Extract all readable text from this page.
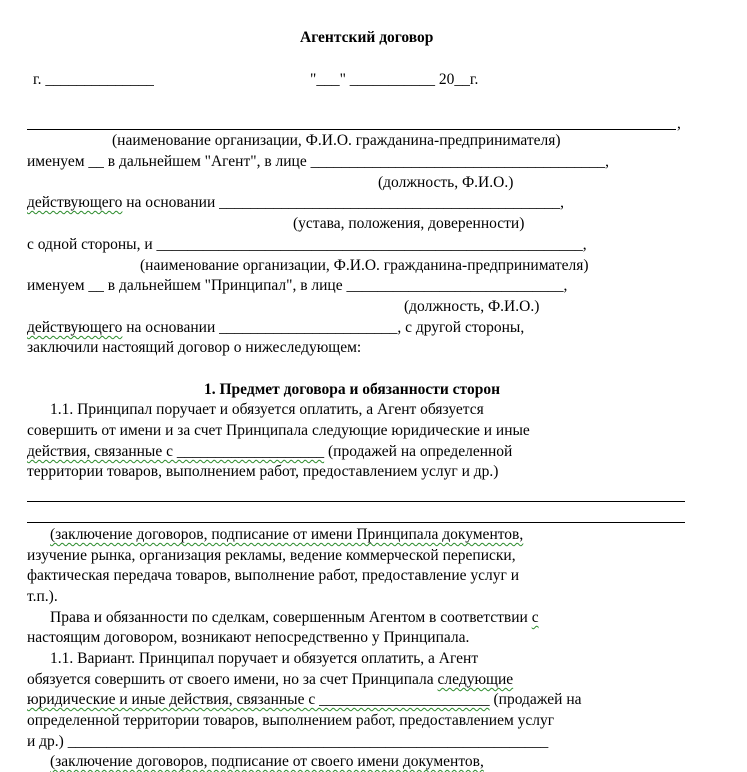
Агентский договор
г. ______________	"___" ___________ 20__г.
,
(наименование организации, Ф.И.О. гражданина-предпринимателя)
именуем __ в дальнейшем "Агент", в лице ______________________________________,
(должность, Ф.И.О.)
действующего на основании ____________________________________________,
(устава, положения, доверенности)
с одной стороны, и _______________________________________________________,
(наименование организации, Ф.И.О. гражданина-предпринимателя)
именуем __ в дальнейшем "Принципал", в лице ____________________________,
(должность, Ф.И.О.)
действующего на основании _______________________, с другой стороны,
заключили настоящий договор о нижеследующем:
1. Предмет договора и обязанности сторон
1.1. Принципал поручает и обязуется оплатить, а Агент обязуется
совершить от имени и за счет Принципала следующие юридические и иные
действия, связанные с ___________________ (продажей на определенной
территории товаров, выполнением работ, предоставлением услуг и др.)
(заключение договоров, подписание от имени Принципала документов,
изучение рынка, организация рекламы, ведение коммерческой переписки,
фактическая передача товаров, выполнение работ, предоставление услуг и
т.п.).
Права и обязанности по сделкам, совершенным Агентом в соответствии с
настоящим договором, возникают непосредственно у Принципала.
1.1. Вариант. Принципал поручает и обязуется оплатить, а Агент
обязуется совершить от своего имени, но за счет Принципала следующие
юридические и иные действия, связанные с ______________________ (продажей на
определенной территории товаров, выполнением работ, предоставлением услуг
и др.) ______________________________________________________________
(заключение договоров, подписание от своего имени документов,
